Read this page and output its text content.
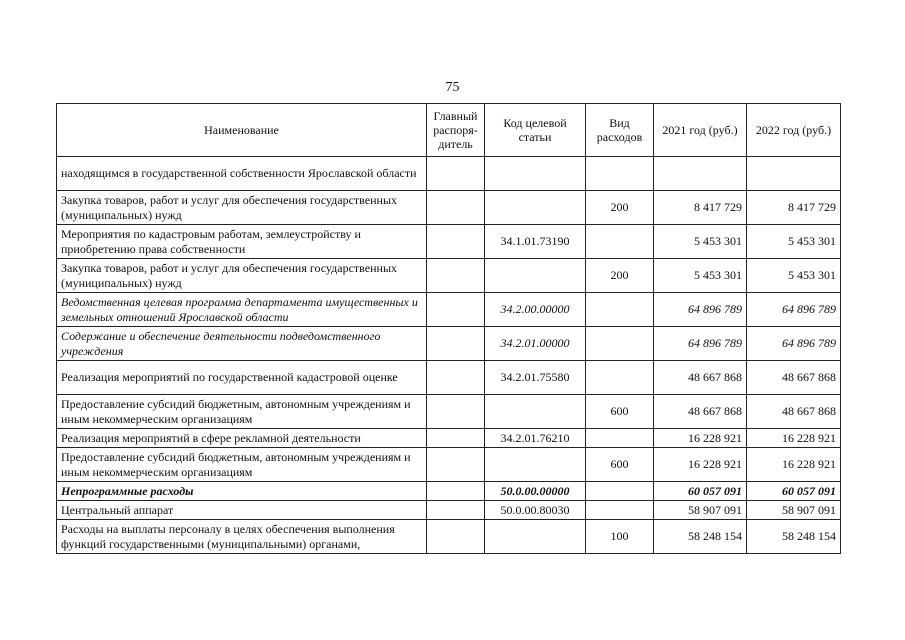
75
Наименование	Главный распоря-дитель	Код целевой статьи	Вид расходов	2021 год (руб.)	2022 год (руб.)
находящимся в государственной собственности Ярославской области					
Закупка товаров, работ и услуг для обеспечения государственных (муниципальных) нужд			200	8 417 729	8 417 729
Мероприятия по кадастровым работам, землеустройству и приобретению права собственности		34.1.01.73190		5 453 301	5 453 301
Закупка товаров, работ и услуг для обеспечения государственных (муниципальных) нужд			200	5 453 301	5 453 301
Ведомственная целевая программа департамента имущественных и земельных отношений Ярославской области		34.2.00.00000		64 896 789	64 896 789
Содержание и обеспечение деятельности подведомственного учреждения		34.2.01.00000		64 896 789	64 896 789
Реализация мероприятий по государственной кадастровой оценке		34.2.01.75580		48 667 868	48 667 868
Предоставление субсидий бюджетным, автономным учреждениям и иным некоммерческим организациям			600	48 667 868	48 667 868
Реализация мероприятий в сфере рекламной деятельности		34.2.01.76210		16 228 921	16 228 921
Предоставление субсидий бюджетным, автономным учреждениям и иным некоммерческим организациям			600	16 228 921	16 228 921
Непрограммные расходы		50.0.00.00000		60 057 091	60 057 091
Центральный аппарат		50.0.00.80030		58 907 091	58 907 091
Расходы на выплаты персоналу в целях обеспечения выполнения функций государственными (муниципальными) органами,			100	58 248 154	58 248 154
